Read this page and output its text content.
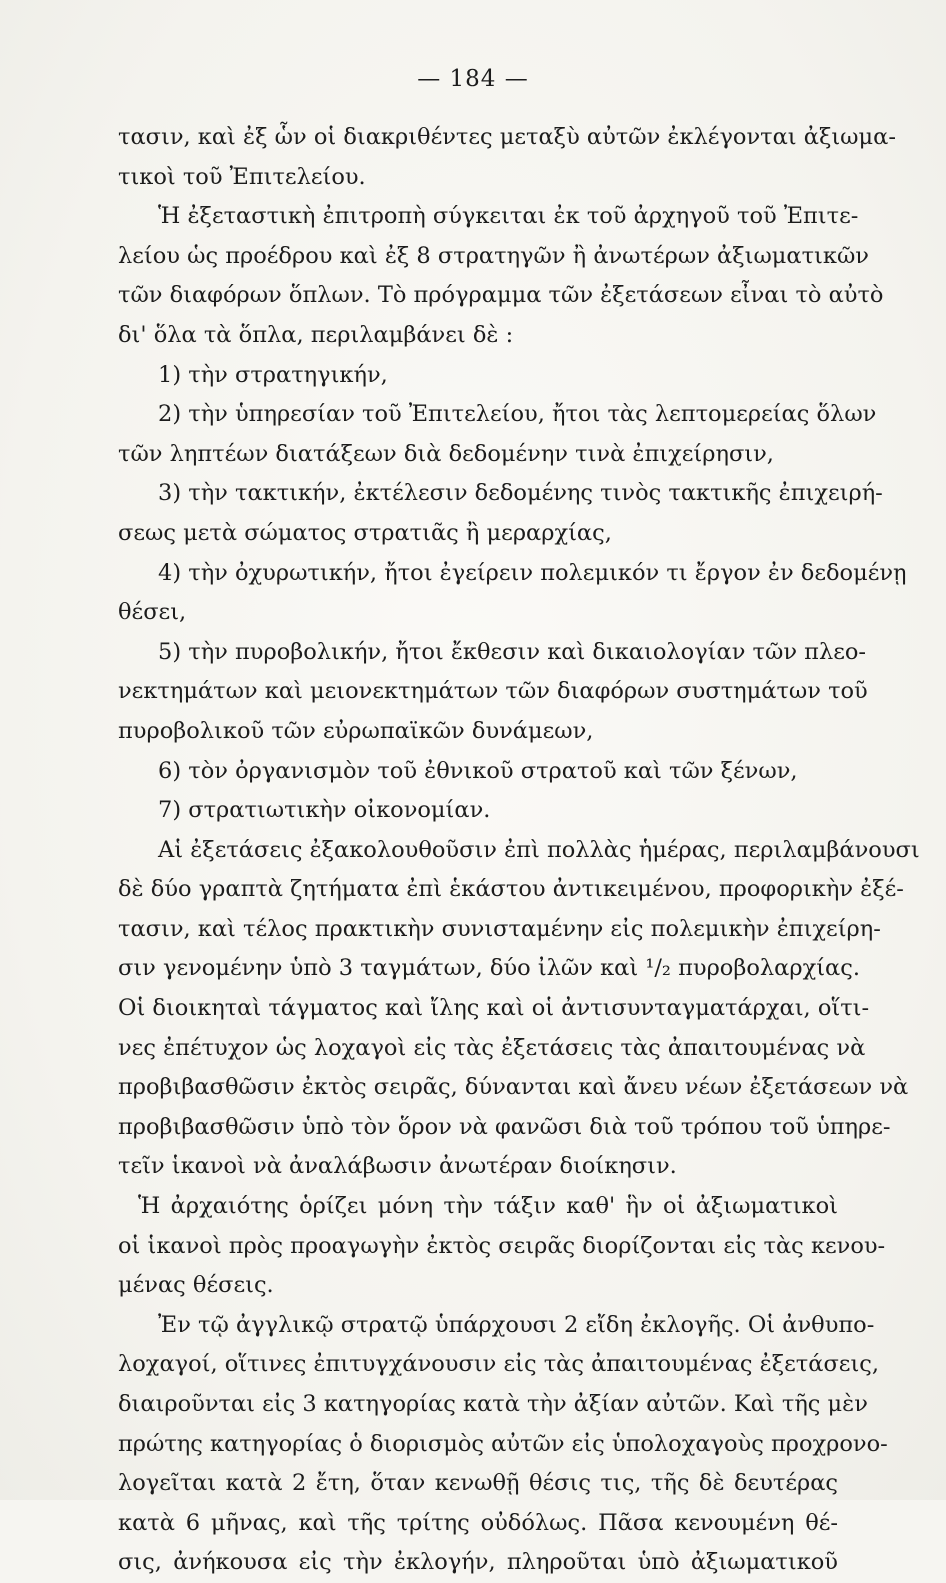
— 184 —
τασιν, καὶ ἐξ ὧν οἱ διακριθέντες μεταξὺ αὐτῶν ἐκλέγονται ἀξιωμα-
τικοὶ τοῦ Ἐπιτελείου.
Ἡ ἐξεταστικὴ ἐπιτροπὴ σύγκειται ἐκ τοῦ ἀρχηγοῦ τοῦ Ἐπιτε-
λείου ὡς προέδρου καὶ ἐξ 8 στρατηγῶν ἢ ἀνωτέρων ἀξιωματικῶν
τῶν διαφόρων ὅπλων. Τὸ πρόγραμμα τῶν ἐξετάσεων εἶναι τὸ αὐτὸ
δι' ὅλα τὰ ὅπλα, περιλαμβάνει δὲ :
1) τὴν στρατηγικήν,
2) τὴν ὑπηρεσίαν τοῦ Ἐπιτελείου, ἤτοι τὰς λεπτομερείας ὅλων
τῶν ληπτέων διατάξεων διὰ δεδομένην τινὰ ἐπιχείρησιν,
3) τὴν τακτικήν, ἐκτέλεσιν δεδομένης τινὸς τακτικῆς ἐπιχειρή-
σεως μετὰ σώματος στρατιᾶς ἢ μεραρχίας,
4) τὴν ὀχυρωτικήν, ἤτοι ἐγείρειν πολεμικόν τι ἔργον ἐν δεδομένῃ
θέσει,
5) τὴν πυροβολικήν, ἤτοι ἔκθεσιν καὶ δικαιολογίαν τῶν πλεο-
νεκτημάτων καὶ μειονεκτημάτων τῶν διαφόρων συστημάτων τοῦ
πυροβολικοῦ τῶν εὐρωπαϊκῶν δυνάμεων,
6) τὸν ὀργανισμὸν τοῦ ἐθνικοῦ στρατοῦ καὶ τῶν ξένων,
7) στρατιωτικὴν οἰκονομίαν.
Αἱ ἐξετάσεις ἐξακολουθοῦσιν ἐπὶ πολλὰς ἡμέρας, περιλαμβάνουσι
δὲ δύο γραπτὰ ζητήματα ἐπὶ ἑκάστου ἀντικειμένου, προφορικὴν ἐξέ-
τασιν, καὶ τέλος πρακτικὴν συνισταμένην εἰς πολεμικὴν ἐπιχείρη-
σιν γενομένην ὑπὸ 3 ταγμάτων, δύο ἰλῶν καὶ ¹/₂ πυροβολαρχίας.
Οἱ διοικηταὶ τάγματος καὶ ἴλης καὶ οἱ ἀντισυνταγματάρχαι, οἵτι-
νες ἐπέτυχον ὡς λοχαγοὶ εἰς τὰς ἐξετάσεις τὰς ἀπαιτουμένας νὰ
προβιβασθῶσιν ἐκτὸς σειρᾶς, δύνανται καὶ ἄνευ νέων ἐξετάσεων νὰ
προβιβασθῶσιν ὑπὸ τὸν ὅρον νὰ φανῶσι διὰ τοῦ τρόπου τοῦ ὑπηρε-
τεῖν ἱκανοὶ νὰ ἀναλάβωσιν ἀνωτέραν διοίκησιν.
Ἡ ἀρχαιότης ὁρίζει μόνη τὴν τάξιν καθ' ἣν οἱ ἀξιωματικοὶ
οἱ ἱκανοὶ πρὸς προαγωγὴν ἐκτὸς σειρᾶς διορίζονται εἰς τὰς κενου-
μένας θέσεις.
Ἐν τῷ ἀγγλικῷ στρατῷ ὑπάρχουσι 2 εἴδη ἐκλογῆς. Οἱ ἀνθυπο-
λοχαγοί, οἵτινες ἐπιτυγχάνουσιν εἰς τὰς ἀπαιτουμένας ἐξετάσεις,
διαιροῦνται εἰς 3 κατηγορίας κατὰ τὴν ἀξίαν αὐτῶν. Καὶ τῆς μὲν
πρώτης κατηγορίας ὁ διορισμὸς αὐτῶν εἰς ὑπολοχαγοὺς προχρονο-
λογεῖται κατὰ 2 ἔτη, ὅταν κενωθῇ θέσις τις, τῆς δὲ δευτέρας
κατὰ 6 μῆνας, καὶ τῆς τρίτης οὐδόλως. Πᾶσα κενουμένη θέ-
σις, ἀνήκουσα εἰς τὴν ἐκλογήν, πληροῦται ὑπὸ ἀξιωματικοῦ
